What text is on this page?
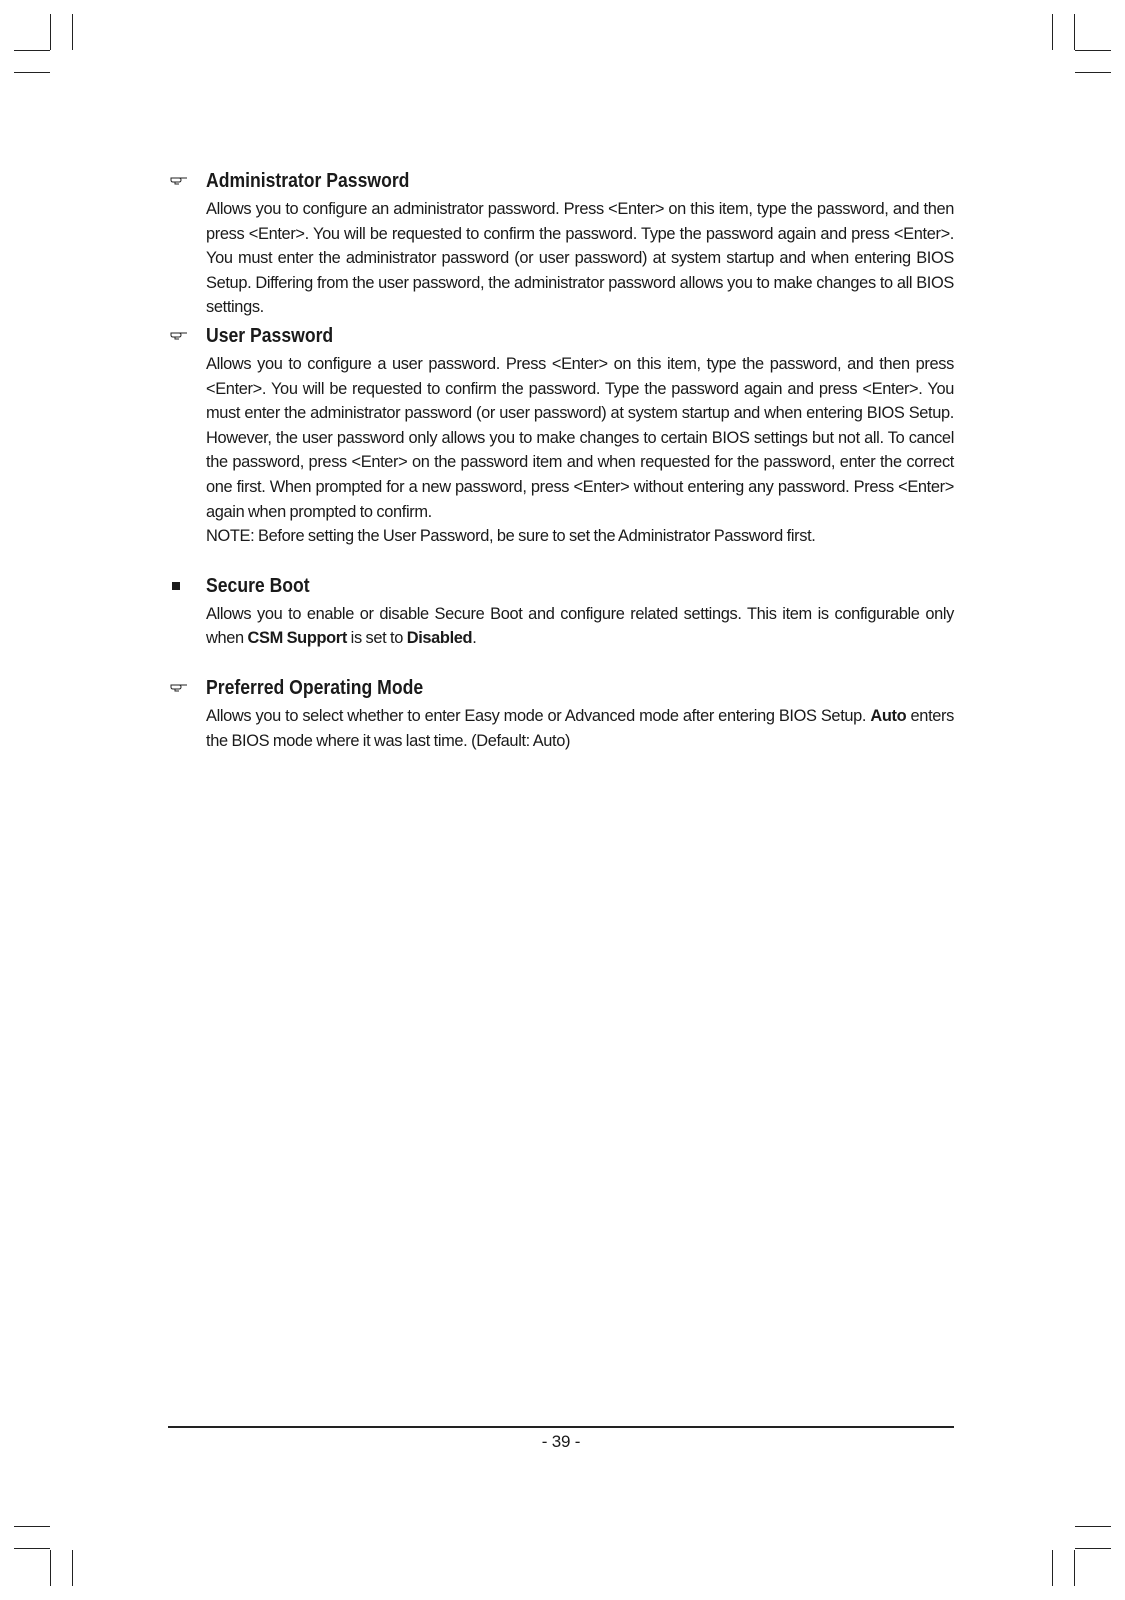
Administrator Password

Allows you to configure an administrator password. Press <Enter> on this item, type the password, and then press <Enter>. You will be requested to confirm the password. Type the password again and press <Enter>. You must enter the administrator password (or user password) at system startup and when entering BIOS Setup. Differing from the user password, the administrator password allows you to make changes to all BIOS settings.

User Password

Allows you to configure a user password. Press <Enter> on this item, type the password, and then press <Enter>. You will be requested to confirm the password. Type the password again and press <Enter>. You must enter the administrator password (or user password) at system startup and when entering BIOS Setup. However, the user password only allows you to make changes to certain BIOS settings but not all. To cancel the password, press <Enter> on the password item and when requested for the password, enter the correct one first. When prompted for a new password, press <Enter> without entering any password. Press <Enter> again when prompted to confirm.

NOTE: Before setting the User Password, be sure to set the Administrator Password first.

Secure Boot

Allows you to enable or disable Secure Boot and configure related settings. This item is configurable only when CSM Support is set to Disabled.

Preferred Operating Mode

Allows you to select whether to enter Easy mode or Advanced mode after entering BIOS Setup. Auto enters the BIOS mode where it was last time. (Default: Auto)

- 39 -
